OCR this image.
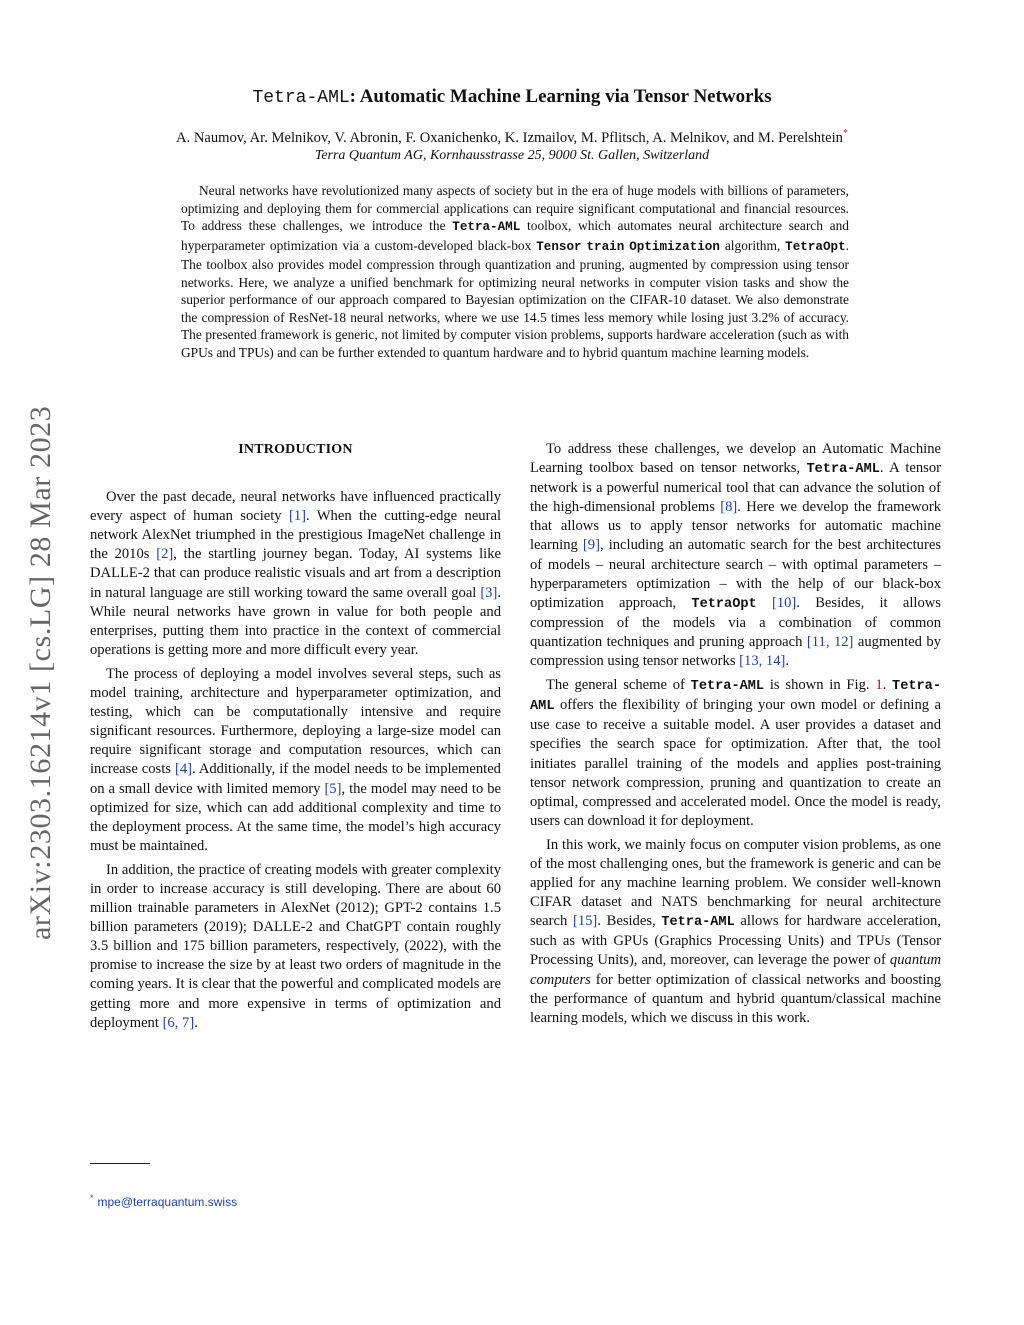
arXiv:2303.16214v1 [cs.LG] 28 Mar 2023
Tetra-AML: Automatic Machine Learning via Tensor Networks
A. Naumov, Ar. Melnikov, V. Abronin, F. Oxanichenko, K. Izmailov, M. Pflitsch, A. Melnikov, and M. Perelshtein*
Terra Quantum AG, Kornhausstrasse 25, 9000 St. Gallen, Switzerland
Neural networks have revolutionized many aspects of society but in the era of huge models with billions of parameters, optimizing and deploying them for commercial applications can require significant computational and financial resources. To address these challenges, we introduce the Tetra-AML toolbox, which automates neural architecture search and hyperparameter optimization via a custom-developed black-box Tensor train Optimization algorithm, TetraOpt. The toolbox also provides model compression through quantization and pruning, augmented by compression using tensor networks. Here, we analyze a unified benchmark for optimizing neural networks in computer vision tasks and show the superior performance of our approach compared to Bayesian optimization on the CIFAR-10 dataset. We also demonstrate the compression of ResNet-18 neural networks, where we use 14.5 times less memory while losing just 3.2% of accuracy. The presented framework is generic, not limited by computer vision problems, supports hardware acceleration (such as with GPUs and TPUs) and can be further extended to quantum hardware and to hybrid quantum machine learning models.
INTRODUCTION

Over the past decade, neural networks have influenced practically every aspect of human society [1]. When the cutting-edge neural network AlexNet triumphed in the prestigious ImageNet challenge in the 2010s [2], the startling journey began. Today, AI systems like DALLE-2 that can produce realistic visuals and art from a description in natural language are still working toward the same overall goal [3]. While neural networks have grown in value for both people and enterprises, putting them into practice in the context of commercial operations is getting more and more difficult every year.

The process of deploying a model involves several steps, such as model training, architecture and hyperparameter optimization, and testing, which can be computationally intensive and require significant resources. Furthermore, deploying a large-size model can require significant storage and computation resources, which can increase costs [4]. Additionally, if the model needs to be implemented on a small device with limited memory [5], the model may need to be optimized for size, which can add additional complexity and time to the deployment process. At the same time, the model’s high accuracy must be maintained.

In addition, the practice of creating models with greater complexity in order to increase accuracy is still developing. There are about 60 million trainable parameters in AlexNet (2012); GPT-2 contains 1.5 billion parameters (2019); DALLE-2 and ChatGPT contain roughly 3.5 billion and 175 billion parameters, respectively, (2022), with the promise to increase the size by at least two orders of magnitude in the coming years. It is clear that the powerful and complicated models are getting more and more expensive in terms of optimization and deployment [6, 7].

To address these challenges, we develop an Automatic Machine Learning toolbox based on tensor networks, Tetra-AML. A tensor network is a powerful numerical tool that can advance the solution of the high-dimensional problems [8]. Here we develop the framework that allows us to apply tensor networks for automatic machine learning [9], including an automatic search for the best architectures of models – neural architecture search – with optimal parameters – hyperparameters optimization – with the help of our black-box optimization approach, TetraOpt [10]. Besides, it allows compression of the models via a combination of common quantization techniques and pruning approach [11, 12] augmented by compression using tensor networks [13, 14].

The general scheme of Tetra-AML is shown in Fig. 1. Tetra-AML offers the flexibility of bringing your own model or defining a use case to receive a suitable model. A user provides a dataset and specifies the search space for optimization. After that, the tool initiates parallel training of the models and applies post-training tensor network compression, pruning and quantization to create an optimal, compressed and accelerated model. Once the model is ready, users can download it for deployment.

In this work, we mainly focus on computer vision problems, as one of the most challenging ones, but the framework is generic and can be applied for any machine learning problem. We consider well-known CIFAR dataset and NATS benchmarking for neural architecture search [15]. Besides, Tetra-AML allows for hardware acceleration, such as with GPUs (Graphics Processing Units) and TPUs (Tensor Processing Units), and, moreover, can leverage the power of quantum computers for better optimization of classical networks and boosting the performance of quantum and hybrid quantum/classical machine learning models, which we discuss in this work.

* mpe@terraquantum.swiss
